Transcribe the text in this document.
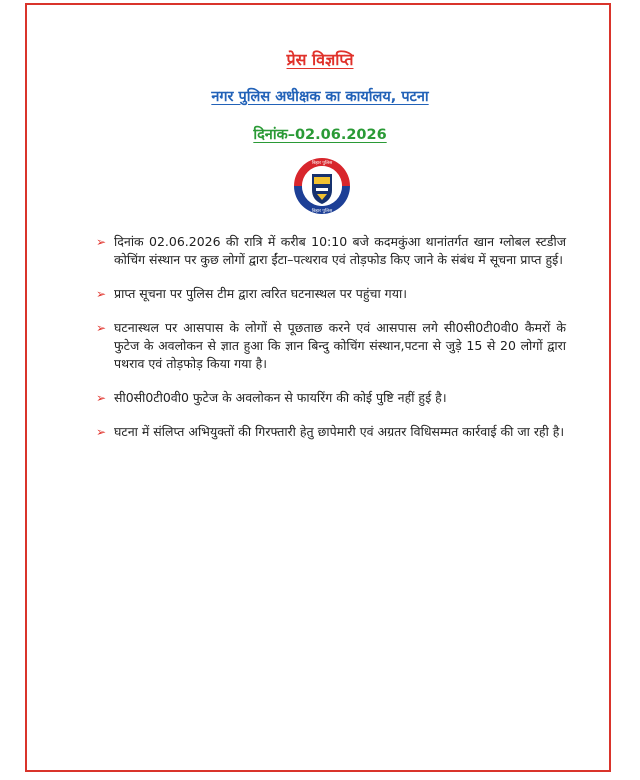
प्रेस विज्ञप्ति
नगर पुलिस अधीक्षक का कार्यालय, पटना
दिनांक–02.06.2026
बिहार पुलिस
बिहार पुलिस
➢ दिनांक 02.06.2026 की रात्रि में करीब 10:10 बजे कदमकुंआ थानांतर्गत खान ग्लोबल स्टडीज कोचिंग संस्थान पर कुछ लोगों द्वारा ईंटा–पत्थराव एवं तोड़फोड किए जाने के संबंध में सूचना प्राप्त हुई।
➢ प्राप्त सूचना पर पुलिस टीम द्वारा त्वरित घटनास्थल पर पहुंचा गया।
➢ घटनास्थल पर आसपास के लोगों से पूछताछ करने एवं आसपास लगे सी0सी0टी0वी0 कैमरों के फुटेज के अवलोकन से ज्ञात हुआ कि ज्ञान बिन्दु कोचिंग संस्थान,पटना से जुड़े 15 से 20 लोगों द्वारा पथराव एवं तोड़फोड़ किया गया है।
➢ सी0सी0टी0वी0 फुटेज के अवलोकन से फायरिंग की कोई पुष्टि नहीं हुई है।
➢ घटना में संलिप्त अभियुक्तों की गिरफ्तारी हेतु छापेमारी एवं अग्रतर विधिसम्मत कार्रवाई की जा रही है।
